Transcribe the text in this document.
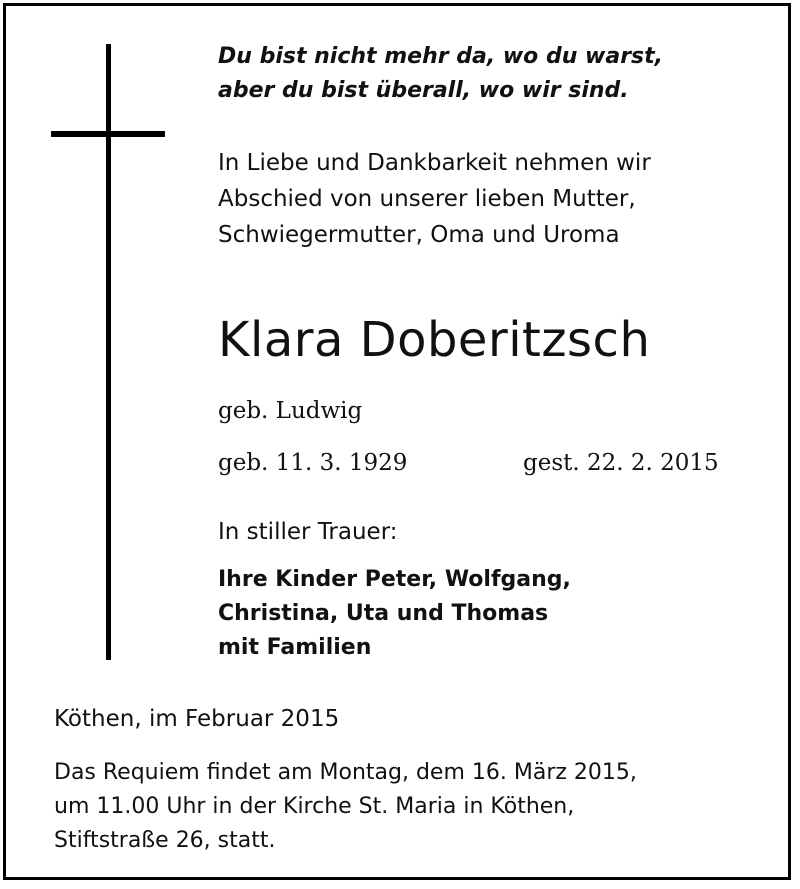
Du bist nicht mehr da, wo du warst,
aber du bist überall, wo wir sind.
In Liebe und Dankbarkeit nehmen wir
Abschied von unserer lieben Mutter,
Schwiegermutter, Oma und Uroma
Klara Doberitzsch
geb. Ludwig
geb. 11. 3. 1929	gest. 22. 2. 2015
In stiller Trauer:
Ihre Kinder Peter, Wolfgang,
Christina, Uta und Thomas
mit Familien
Köthen, im Februar 2015
Das Requiem findet am Montag, dem 16. März 2015,
um 11.00 Uhr in der Kirche St. Maria in Köthen,
Stiftstraße 26, statt.
